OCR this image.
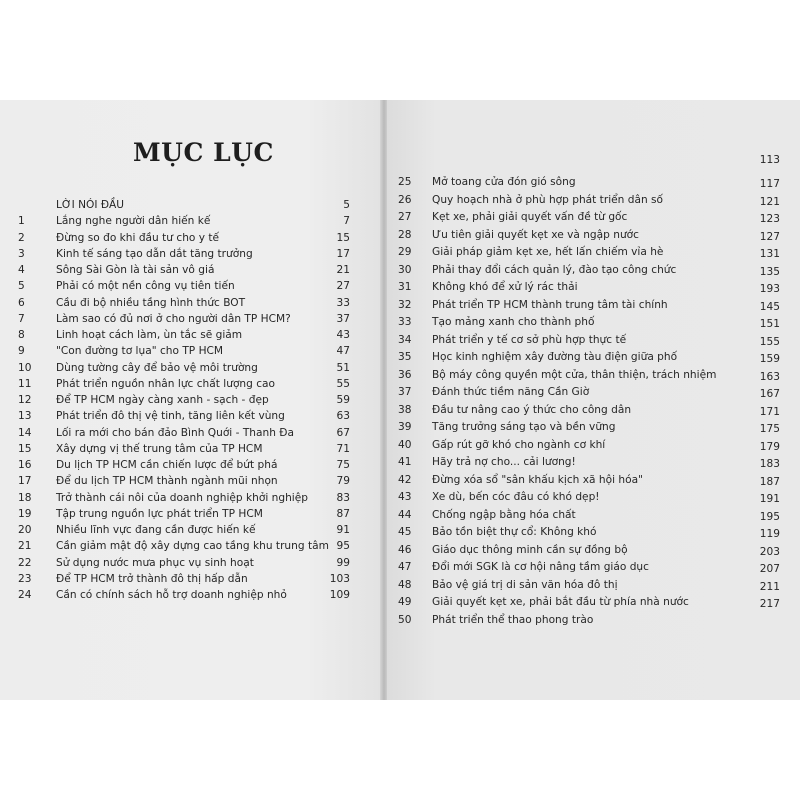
MỤC LỤC
LỜI NÓI ĐẦU	5
1	Lắng nghe người dân hiến kế	7
2	Đừng so đo khi đầu tư cho y tế	15
3	Kinh tế sáng tạo dẫn dắt tăng trưởng	17
4	Sông Sài Gòn là tài sản vô giá	21
5	Phải có một nền công vụ tiên tiến	27
6	Cầu đi bộ nhiều tầng hình thức BOT	33
7	Làm sao có đủ nơi ở cho người dân TP HCM?	37
8	Linh hoạt cách làm, ùn tắc sẽ giảm	43
9	"Con đường tơ lụa" cho TP HCM	47
10 Dùng tường cây để bảo vệ môi trường	51
11 Phát triển nguồn nhân lực chất lượng cao	55
12 Để TP HCM ngày càng xanh - sạch - đẹp	59
13 Phát triển đô thị vệ tinh, tăng liên kết vùng	63
14 Lối ra mới cho bán đảo Bình Quới - Thanh Đa	67
15 Xây dựng vị thế trung tâm của TP HCM	71
16 Du lịch TP HCM cần chiến lược để bứt phá	75
17 Để du lịch TP HCM thành ngành mũi nhọn	79
18 Trở thành cái nôi của doanh nghiệp khởi nghiệp	83
19 Tập trung nguồn lực phát triển TP HCM	87
20 Nhiều lĩnh vực đang cần được hiến kế	91
21 Cần giảm mật độ xây dựng cao tầng khu trung tâm 95
22 Sử dụng nước mưa phục vụ sinh hoạt	99
23 Để TP HCM trở thành đô thị hấp dẫn	103
24 Cần có chính sách hỗ trợ doanh nghiệp nhỏ	109
113
25 Mở toang cửa đón gió sông	117
26 Quy hoạch nhà ở phù hợp phát triển dân số	121
27 Kẹt xe, phải giải quyết vấn đề từ gốc	123
28 Ưu tiên giải quyết kẹt xe và ngập nước	127
29 Giải pháp giảm kẹt xe, hết lấn chiếm vỉa hè	131
30 Phải thay đổi cách quản lý, đào tạo công chức	135
31 Không khó để xử lý rác thải	193
32 Phát triển TP HCM thành trung tâm tài chính	145
33 Tạo mảng xanh cho thành phố	151
34 Phát triển y tế cơ sở phù hợp thực tế	155
35 Học kinh nghiệm xây đường tàu điện giữa phố	159
36 Bộ máy công quyền một cửa, thân thiện, trách nhiệm	163
37 Đánh thức tiềm năng Cần Giờ	167
38 Đầu tư nâng cao ý thức cho công dân	171
39 Tăng trưởng sáng tạo và bền vững	175
40 Gấp rút gỡ khó cho ngành cơ khí	179
41 Hãy trả nợ cho... cải lương!	183
42 Đừng xóa sổ "sân khấu kịch xã hội hóa"	187
43 Xe dù, bến cóc đâu có khó dẹp!	191
44 Chống ngập bằng hóa chất	195
45 Bảo tồn biệt thự cổ: Không khó	119
46 Giáo dục thông minh cần sự đồng bộ	203
47 Đổi mới SGK là cơ hội nâng tầm giáo dục	207
48 Bảo vệ giá trị di sản văn hóa đô thị	211
49 Giải quyết kẹt xe, phải bắt đầu từ phía nhà nước	217
50 Phát triển thể thao phong trào
